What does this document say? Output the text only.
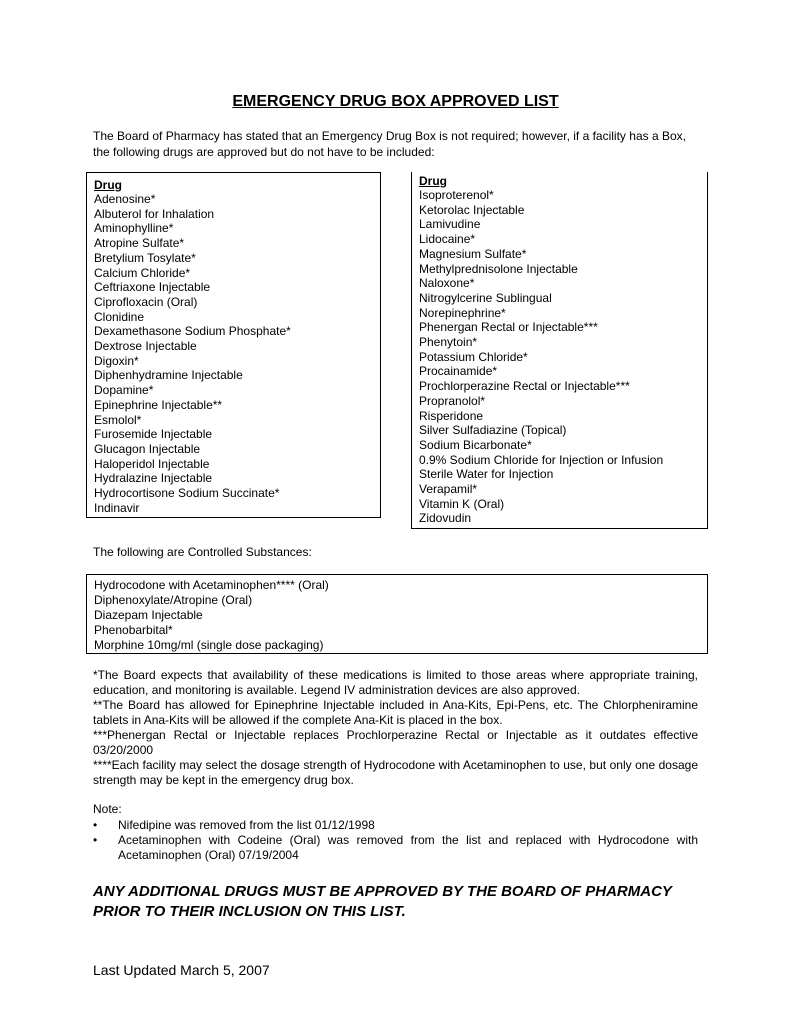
EMERGENCY DRUG BOX APPROVED LIST
The Board of Pharmacy has stated that an Emergency Drug Box is not required; however, if a facility has a Box, the following drugs are approved but do not have to be included:
Drug
Adenosine*
Albuterol for Inhalation
Aminophylline*
Atropine Sulfate*
Bretylium Tosylate*
Calcium Chloride*
Ceftriaxone Injectable
Ciprofloxacin (Oral)
Clonidine
Dexamethasone Sodium Phosphate*
Dextrose Injectable
Digoxin*
Diphenhydramine Injectable
Dopamine*
Epinephrine Injectable**
Esmolol*
Furosemide Injectable
Glucagon Injectable
Haloperidol Injectable
Hydralazine Injectable
Hydrocortisone Sodium Succinate*
Indinavir
Drug
Isoproterenol*
Ketorolac Injectable
Lamivudine
Lidocaine*
Magnesium Sulfate*
Methylprednisolone Injectable
Naloxone*
Nitrogylcerine Sublingual
Norepinephrine*
Phenergan Rectal or Injectable***
Phenytoin*
Potassium Chloride*
Procainamide*
Prochlorperazine Rectal or Injectable***
Propranolol*
Risperidone
Silver Sulfadiazine (Topical)
Sodium Bicarbonate*
0.9% Sodium Chloride for Injection or Infusion
Sterile Water for Injection
Verapamil*
Vitamin K (Oral)
Zidovudin
The following are Controlled Substances:
Hydrocodone with Acetaminophen**** (Oral)
Diphenoxylate/Atropine (Oral)
Diazepam Injectable
Phenobarbital*
Morphine 10mg/ml (single dose packaging)

*The Board expects that availability of these medications is limited to those areas where appropriate training, education, and monitoring is available. Legend IV administration devices are also approved.

**The Board has allowed for Epinephrine Injectable included in Ana-Kits, Epi-Pens, etc. The Chlorpheniramine tablets in Ana-Kits will be allowed if the complete Ana-Kit is placed in the box.

***Phenergan Rectal or Injectable replaces Prochlorperazine Rectal or Injectable as it outdates effective 03/20/2000

****Each facility may select the dosage strength of Hydrocodone with Acetaminophen to use, but only one dosage strength may be kept in the emergency drug box.

Note:
• Nifedipine was removed from the list 01/12/1998
• Acetaminophen with Codeine (Oral) was removed from the list and replaced with Hydrocodone with Acetaminophen (Oral) 07/19/2004
ANY ADDITIONAL DRUGS MUST BE APPROVED BY THE BOARD OF PHARMACY PRIOR TO THEIR INCLUSION ON THIS LIST.
Last Updated March 5, 2007
